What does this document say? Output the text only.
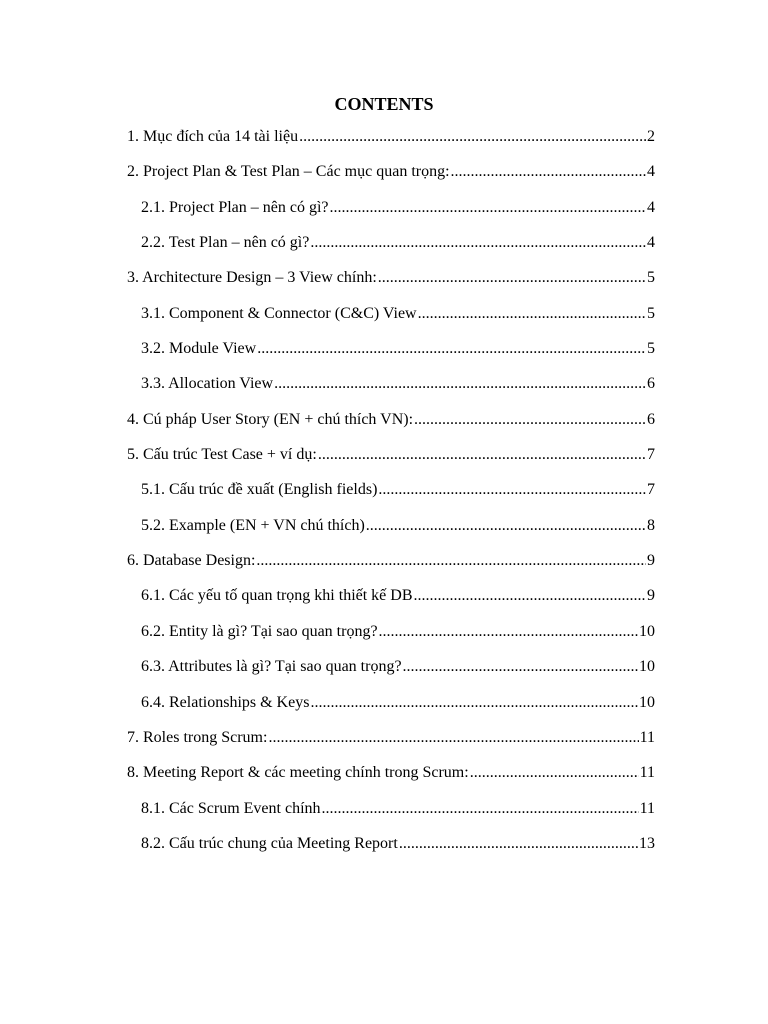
CONTENTS
1. Mục đích của 14 tài liệu .....	2
2. Project Plan & Test Plan – Các mục quan trọng: .....	4
2.1. Project Plan – nên có gì? .....	4
2.2. Test Plan – nên có gì? .....	4
3. Architecture Design – 3 View chính: .....	5
3.1. Component & Connector (C&C) View .....	5
3.2. Module View .....	5
3.3. Allocation View .....	6
4. Cú pháp User Story (EN + chú thích VN): .....	6
5. Cấu trúc Test Case + ví dụ: .....	7
5.1. Cấu trúc đề xuất (English fields) .....	7
5.2. Example (EN + VN chú thích) .....	8
6. Database Design: .....	9
6.1. Các yếu tố quan trọng khi thiết kế DB .....	9
6.2. Entity là gì? Tại sao quan trọng? .....	10
6.3. Attributes là gì? Tại sao quan trọng? .....	10
6.4. Relationships & Keys .....	10
7. Roles trong Scrum: .....	11
8. Meeting Report & các meeting chính trong Scrum: .....	11
8.1. Các Scrum Event chính .....	11
8.2. Cấu trúc chung của Meeting Report .....	13
